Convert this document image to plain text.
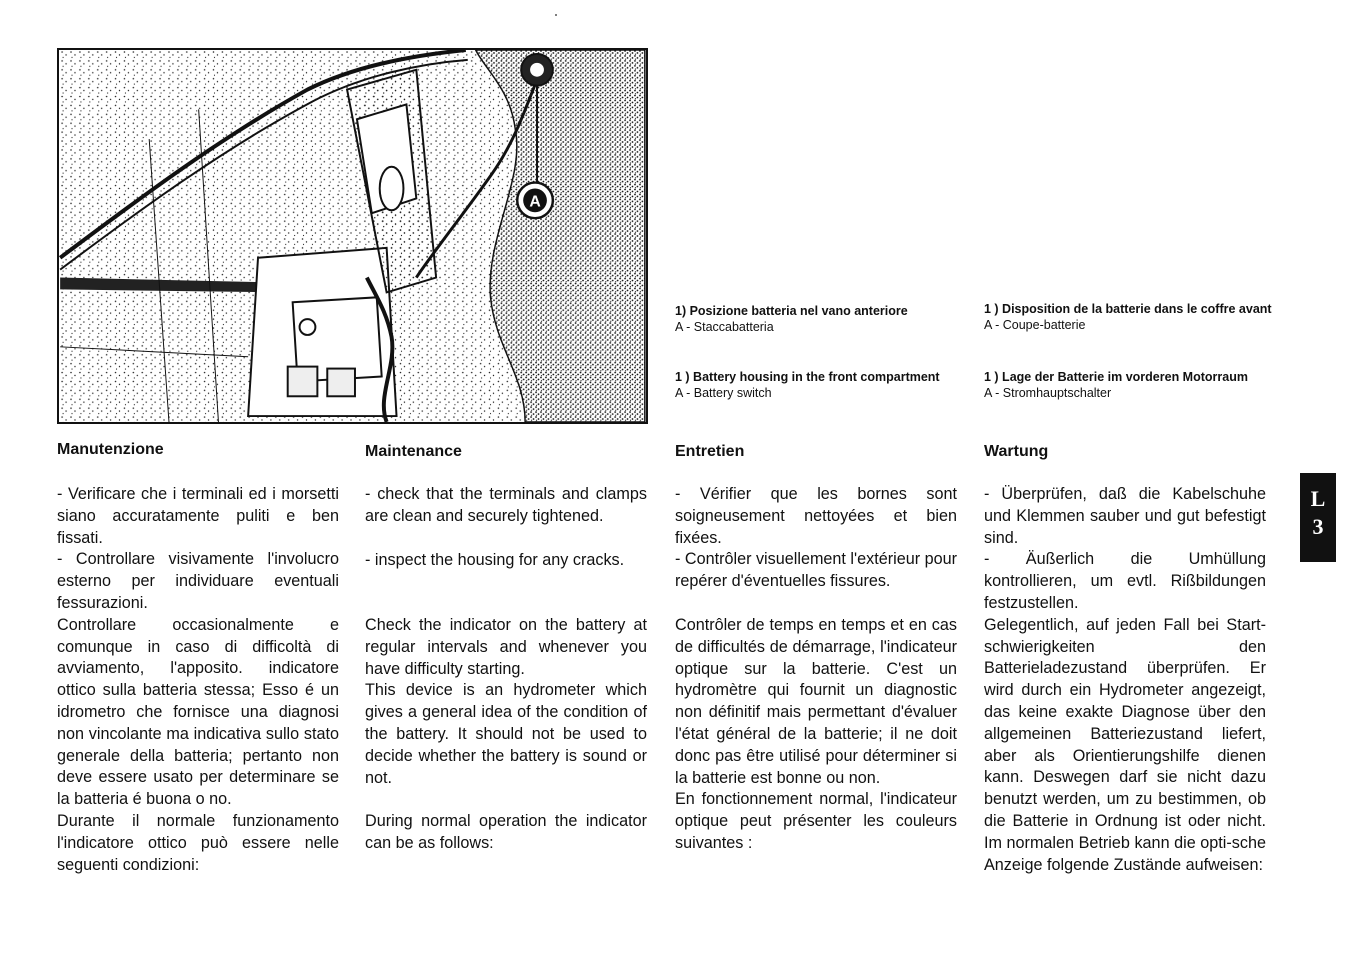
A
1) Posizione batteria nel vano anteriore
A - Staccabatteria
1 ) Battery housing in the front compartment
A - Battery switch
1 ) Disposition de la batterie dans le coffre avant
A - Coupe-batterie
1 ) Lage der Batterie im vorderen Motorraum
A - Stromhauptschalter
Manutenzione	Maintenance	Entretien	Wartung

- Verificare che i terminali ed i morsetti siano accuratamente puliti e ben fissati.

- Controllare visivamente l'involucro esterno per individuare eventuali fessurazioni.

Controllare occasionalmente e comunque in caso di difficoltà di avviamento, l'apposito. indicatore ottico sulla batteria stessa; Esso é un idrometro che fornisce una diagnosi non vincolante ma indicativa sullo stato generale della batteria; pertanto non deve essere usato per determinare se la batteria é buona o no.

Durante il normale funzionamento l'indicatore ottico può essere nelle seguenti condizioni:

- check that the terminals and clamps are clean and securely tightened.

- inspect the housing for any cracks.

Check the indicator on the battery at regular intervals and whenever you have difficulty starting.

This device is an hydrometer which gives a general idea of the condition of the battery. It should not be used to decide whether the battery is sound or not.

During normal operation the indicator can be as follows:

- Vérifier que les bornes sont soigneusement nettoyées et bien fixées.

- Contrôler visuellement l'extérieur pour repérer d'éventuelles fissures.

Contrôler de temps en temps et en cas de difficultés de démarrage, l'indicateur optique sur la batterie. C'est un hydromètre qui fournit un diagnostic non définitif mais permettant d'évaluer l'état général de la batterie; il ne doit donc pas être utilisé pour déterminer si la batterie est bonne ou non.

En fonctionnement normal, l'indicateur optique peut présenter les couleurs suivantes :

- Überprüfen, daß die Kabelschuhe und Klemmen sauber und gut befestigt sind.

- Äußerlich die Umhüllung kontrollieren, um evtl. Rißbildungen festzustellen.

Gelegentlich, auf jeden Fall bei Start-schwierigkeiten den Batterieladezustand überprüfen. Er wird durch ein Hydrometer angezeigt, das keine exakte Diagnose über den allgemeinen Batteriezustand liefert, aber als Orientierungshilfe dienen kann. Deswegen darf sie nicht dazu benutzt werden, um zu bestimmen, ob die Batterie in Ordnung ist oder nicht. Im normalen Betrieb kann die opti-sche Anzeige folgende Zustände aufweisen:

L
3
